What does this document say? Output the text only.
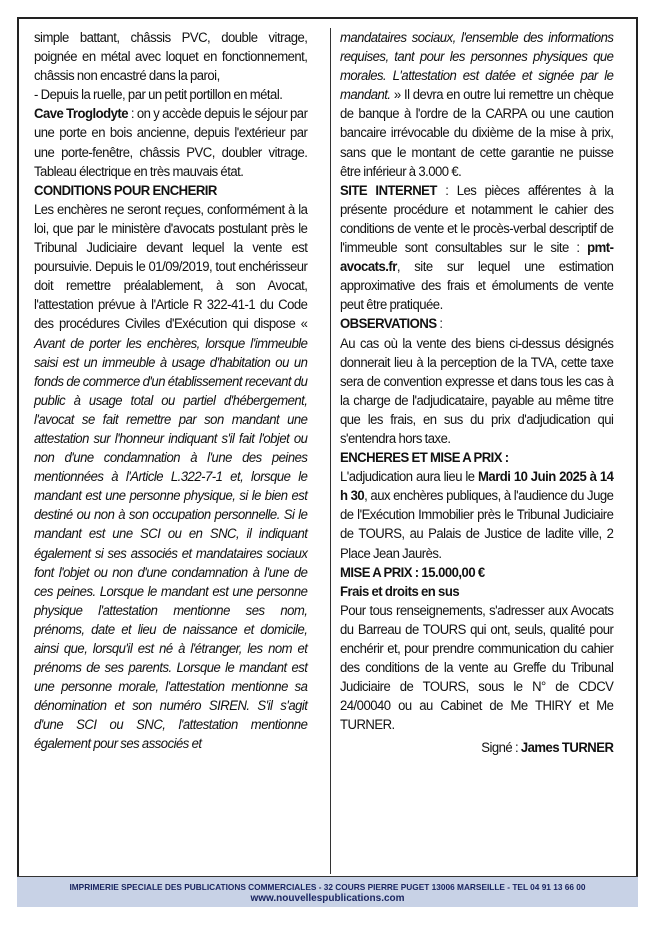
simple battant, châssis PVC, double vitrage, poignée en métal avec loquet en fonctionnement, châssis non encastré dans la paroi,

- Depuis la ruelle, par un petit portillon en métal.

Cave Troglodyte : on y accède depuis le séjour par une porte en bois ancienne, depuis l'extérieur par une porte-fenêtre, châssis PVC, doubler vitrage. Tableau électrique en très mauvais état.

CONDITIONS POUR ENCHERIR

Les enchères ne seront reçues, conformément à la loi, que par le ministère d'avocats postulant près le Tribunal Judiciaire devant lequel la vente est poursuivie. Depuis le 01/09/2019, tout enchérisseur doit remettre préalablement, à son Avocat, l'attestation prévue à l'Article R 322-41-1 du Code des procédures Civiles d'Exécution qui dispose « Avant de porter les enchères, lorsque l'immeuble saisi est un immeuble à usage d'habitation ou un fonds de commerce d'un établissement recevant du public à usage total ou partiel d'hébergement, l'avocat se fait remettre par son mandant une attestation sur l'honneur indiquant s'il fait l'objet ou non d'une condamnation à l'une des peines mentionnées à l'Article L.322-7-1 et, lorsque le mandant est une personne physique, si le bien est destiné ou non à son occupation personnelle. Si le mandant est une SCI ou en SNC, il indiquant également si ses associés et mandataires sociaux font l'objet ou non d'une condamnation à l'une de ces peines. Lorsque le mandant est une personne physique l'attestation mentionne ses nom, prénoms, date et lieu de naissance et domicile, ainsi que, lorsqu'il est né à l'étranger, les nom et prénoms de ses parents. Lorsque le mandant est une personne morale, l'attestation mentionne sa dénomination et son numéro SIREN. S'il s'agit d'une SCI ou SNC, l'attestation mentionne également pour ses associés et

mandataires sociaux, l'ensemble des informations requises, tant pour les personnes physiques que morales. L'attestation est datée et signée par le mandant. » Il devra en outre lui remettre un chèque de banque à l'ordre de la CARPA ou une caution bancaire irrévocable du dixième de la mise à prix, sans que le montant de cette garantie ne puisse être inférieur à 3.000 €.

SITE INTERNET : Les pièces afférentes à la présente procédure et notamment le cahier des conditions de vente et le procès-verbal descriptif de l'immeuble sont consultables sur le site : pmt-avocats.fr, site sur lequel une estimation approximative des frais et émoluments de vente peut être pratiquée.

OBSERVATIONS :

Au cas où la vente des biens ci-dessus désignés donnerait lieu à la perception de la TVA, cette taxe sera de convention expresse et dans tous les cas à la charge de l'adjudicataire, payable au même titre que les frais, en sus du prix d'adjudication qui s'entendra hors taxe.

ENCHERES ET MISE A PRIX :

L'adjudication aura lieu le Mardi 10 Juin 2025 à 14 h 30, aux enchères publiques, à l'audience du Juge de l'Exécution Immobilier près le Tribunal Judiciaire de TOURS, au Palais de Justice de ladite ville, 2 Place Jean Jaurès.

MISE A PRIX : 15.000,00 €

Frais et droits en sus

Pour tous renseignements, s'adresser aux Avocats du Barreau de TOURS qui ont, seuls, qualité pour enchérir et, pour prendre communication du cahier des conditions de la vente au Greffe du Tribunal Judiciaire de TOURS, sous le N° de CDCV 24/00040 ou au Cabinet de Me THIRY et Me TURNER.

Signé : James TURNER

IMPRIMERIE SPECIALE DES PUBLICATIONS COMMERCIALES - 32 COURS PIERRE PUGET 13006 MARSEILLE - TEL 04 91 13 66 00
www.nouvellespublications.com
